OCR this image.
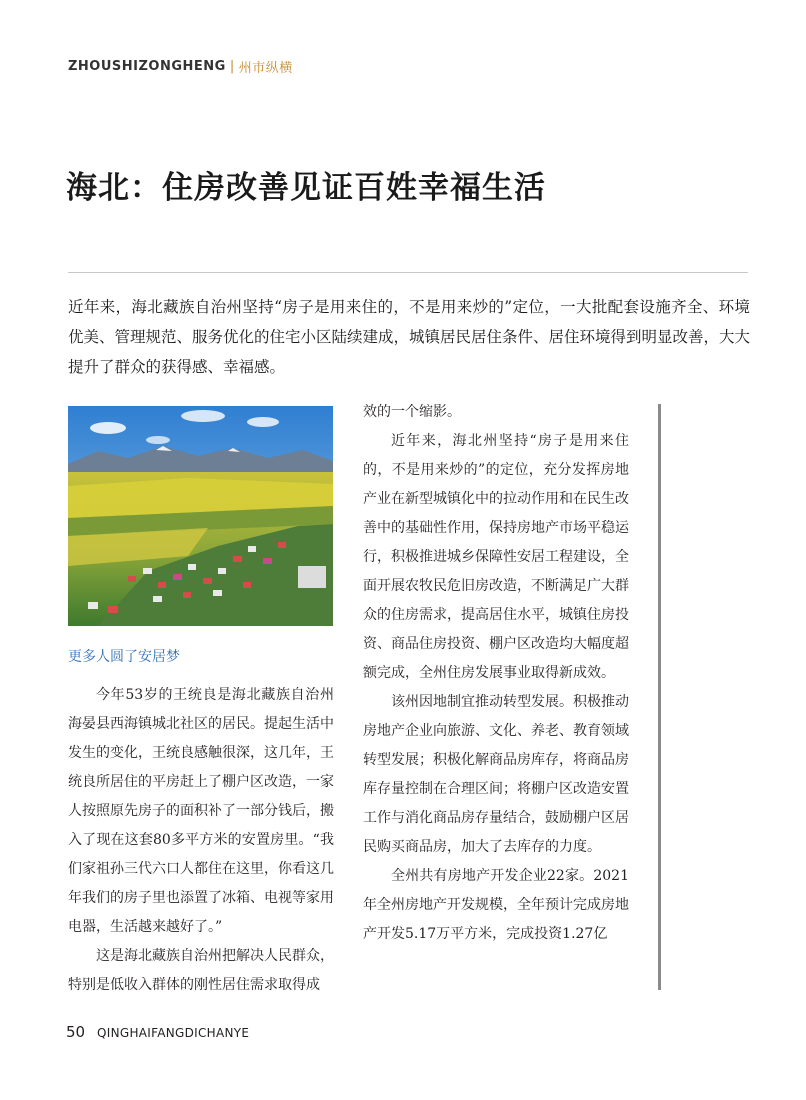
ZHOUSHIZONGHENG | 州市纵横
海北：住房改善见证百姓幸福生活
近年来，海北藏族自治州坚持“房子是用来住的，不是用来炒的”定位，一大批配套设施齐全、环境优美、管理规范、服务优化的住宅小区陆续建成，城镇居民居住条件、居住环境得到明显改善，大大提升了群众的获得感、幸福感。
更多人圆了安居梦

今年53岁的王统良是海北藏族自治州海晏县西海镇城北社区的居民。提起生活中发生的变化，王统良感触很深，这几年，王统良所居住的平房赶上了棚户区改造，一家人按照原先房子的面积补了一部分钱后，搬入了现在这套80多平方米的安置房里。“我们家祖孙三代六口人都住在这里，你看这几年我们的房子里也添置了冰箱、电视等家用电器，生活越来越好了。”

这是海北藏族自治州把解决人民群众，特别是低收入群体的刚性居住需求取得成

效的一个缩影。

近年来，海北州坚持“房子是用来住的，不是用来炒的”的定位，充分发挥房地产业在新型城镇化中的拉动作用和在民生改善中的基础性作用，保持房地产市场平稳运行，积极推进城乡保障性安居工程建设，全面开展农牧民危旧房改造，不断满足广大群众的住房需求，提高居住水平，城镇住房投资、商品住房投资、棚户区改造均大幅度超额完成，全州住房发展事业取得新成效。

该州因地制宜推动转型发展。积极推动房地产企业向旅游、文化、养老、教育领域转型发展；积极化解商品房库存，将商品房库存量控制在合理区间；将棚户区改造安置工作与消化商品房存量结合，鼓励棚户区居民购买商品房，加大了去库存的力度。

全州共有房地产开发企业22家。2021年全州房地产开发规模，全年预计完成房地产开发5.17万平方米，完成投资1.27亿

50 QINGHAIFANGDICHANYE
